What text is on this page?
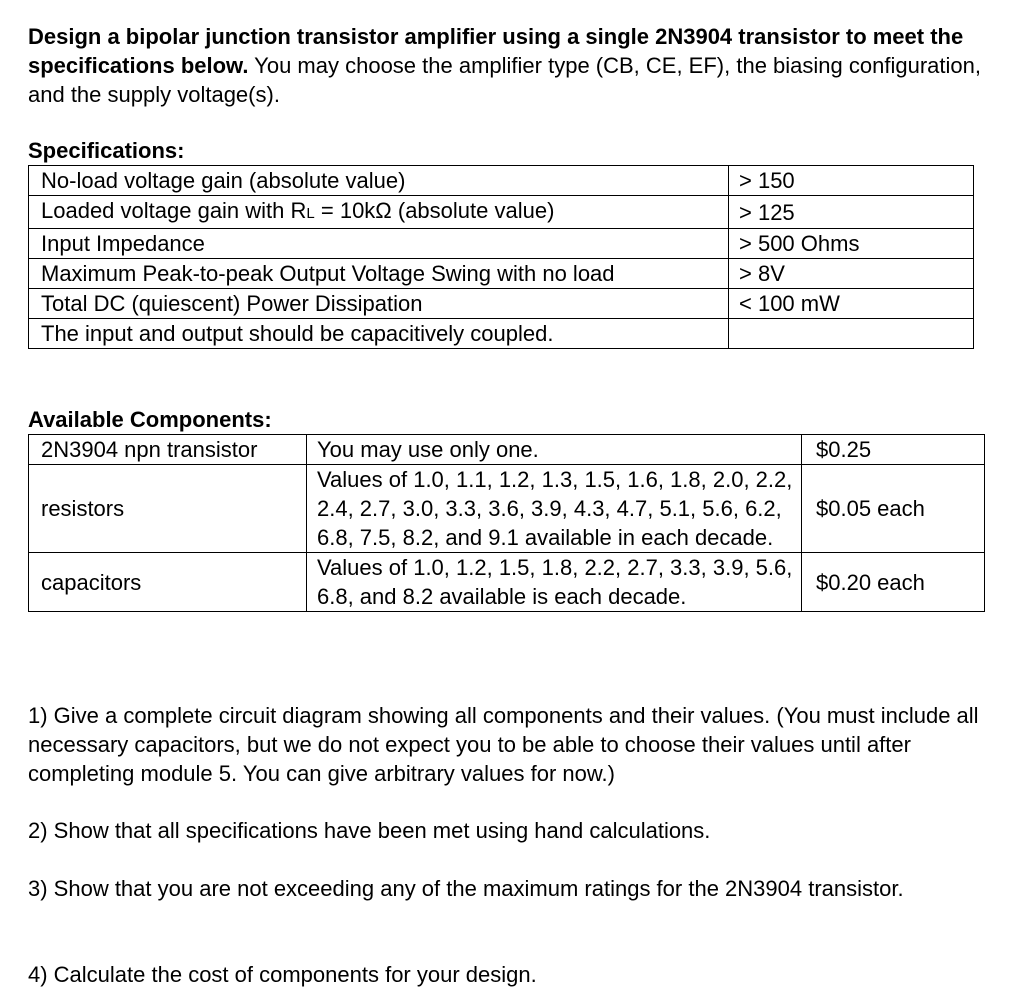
Design a bipolar junction transistor amplifier using a single 2N3904 transistor to meet the specifications below. You may choose the amplifier type (CB, CE, EF), the biasing configuration, and the supply voltage(s).

Specifications:
No-load voltage gain (absolute value)	> 150
Loaded voltage gain with RL = 10kΩ (absolute value)	> 125
Input Impedance	> 500 Ohms
Maximum Peak-to-peak Output Voltage Swing with no load	> 8V
Total DC (quiescent) Power Dissipation	< 100 mW
The input and output should be capacitively coupled.	
Available Components:
2N3904 npn transistor	You may use only one.	$0.25
resistors	Values of 1.0, 1.1, 1.2, 1.3, 1.5, 1.6, 1.8, 2.0, 2.2, 2.4, 2.7, 3.0, 3.3, 3.6, 3.9, 4.3, 4.7, 5.1, 5.6, 6.2, 6.8, 7.5, 8.2, and 9.1 available in each decade.	$0.05 each
capacitors	Values of 1.0, 1.2, 1.5, 1.8, 2.2, 2.7, 3.3, 3.9, 5.6, 6.8, and 8.2 available is each decade.	$0.20 each

1) Give a complete circuit diagram showing all components and their values. (You must include all necessary capacitors, but we do not expect you to be able to choose their values until after completing module 5. You can give arbitrary values for now.)

2) Show that all specifications have been met using hand calculations.

3) Show that you are not exceeding any of the maximum ratings for the 2N3904 transistor.

4) Calculate the cost of components for your design.
